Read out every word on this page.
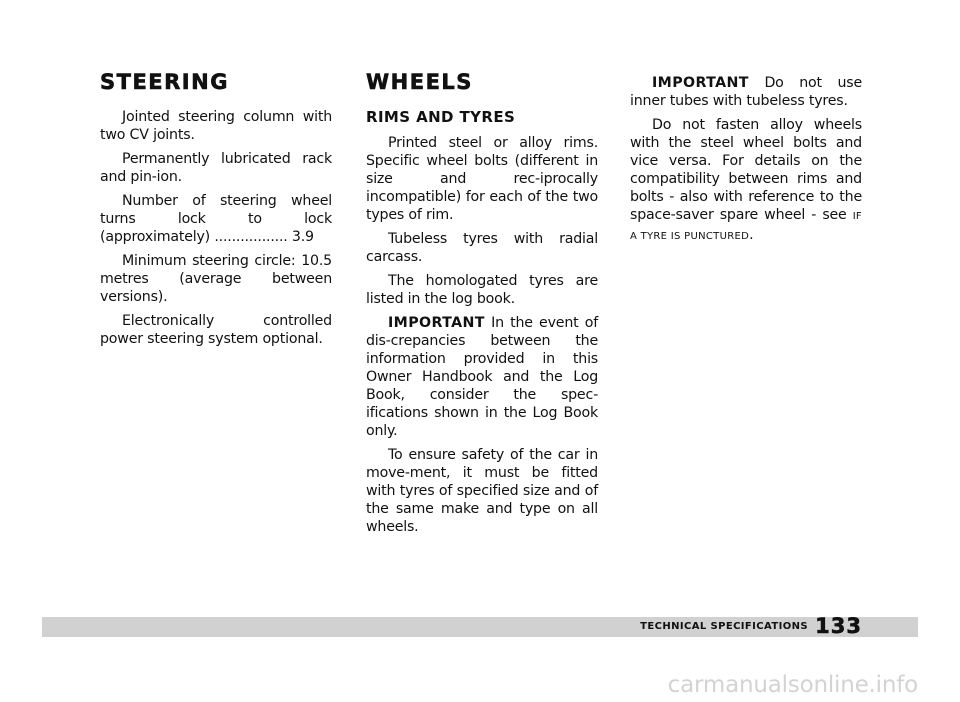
STEERING

Jointed steering column with two CV joints.

Permanently lubricated rack and pin-ion.

Number of steering wheel turns lock to lock (approximately) ................. 3.9

Minimum steering circle: 10.5 metres (average between versions).

Electronically controlled power steering system optional.

WHEELS
RIMS AND TYRES

Printed steel or alloy rims. Specific wheel bolts (different in size and rec-iprocally incompatible) for each of the two types of rim.

Tubeless tyres with radial carcass.

The homologated tyres are listed in the log book.

IMPORTANT In the event of dis-crepancies between the information provided in this Owner Handbook and the Log Book, consider the spec-ifications shown in the Log Book only.

To ensure safety of the car in move-ment, it must be fitted with tyres of specified size and of the same make and type on all wheels.

IMPORTANT Do not use inner tubes with tubeless tyres.

Do not fasten alloy wheels with the steel wheel bolts and vice versa. For details on the compatibility between rims and bolts - also with reference to the space-saver spare wheel - see IF A TYRE IS PUNCTURED.

TECHNICAL SPECIFICATIONS 133
carmanualsonline.info
